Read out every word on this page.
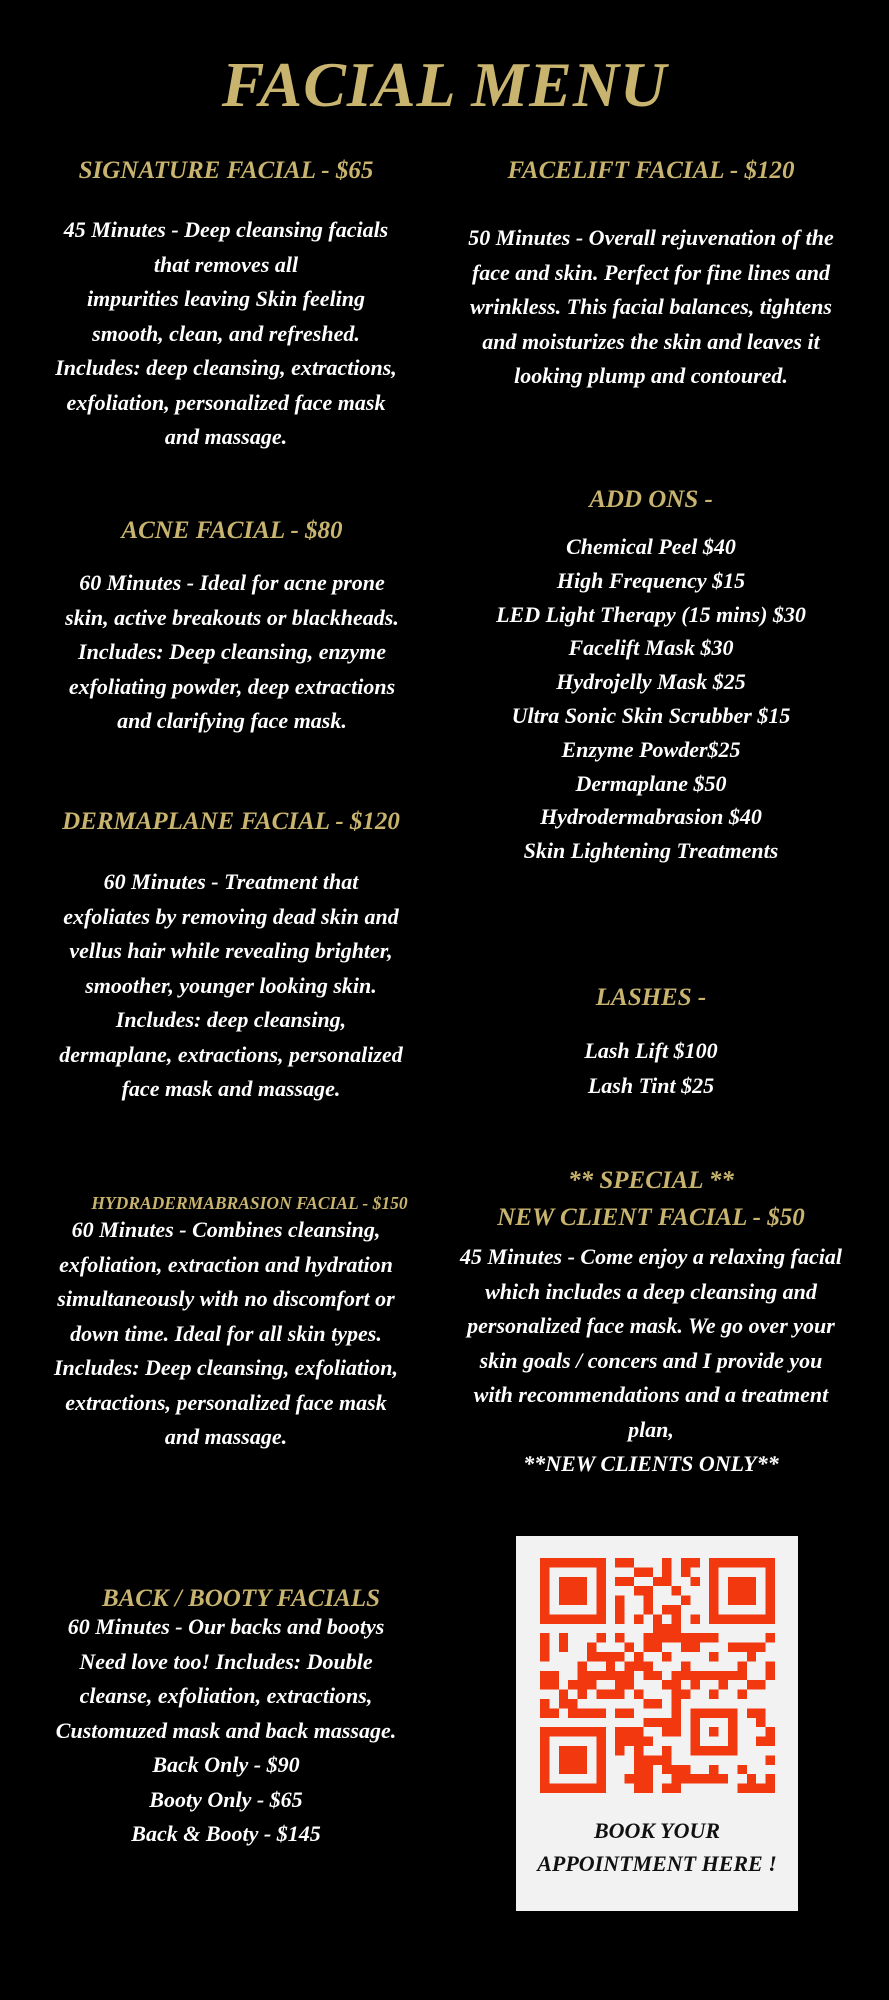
FACIAL MENU
SIGNATURE FACIAL - $65
45 Minutes - Deep cleansing facials
that removes all
impurities leaving Skin feeling
smooth, clean, and refreshed.
Includes: deep cleansing, extractions,
exfoliation, personalized face mask
and massage.
ACNE FACIAL - $80
60 Minutes - Ideal for acne prone
skin, active breakouts or blackheads.
Includes: Deep cleansing, enzyme
exfoliating powder, deep extractions
and clarifying face mask.
DERMAPLANE FACIAL - $120
60 Minutes - Treatment that
exfoliates by removing dead skin and
vellus hair while revealing brighter,
smoother, younger looking skin.
Includes: deep cleansing,
dermaplane, extractions, personalized
face mask and massage.
HYDRADERMABRASION FACIAL - $150
60 Minutes - Combines cleansing,
exfoliation, extraction and hydration
simultaneously with no discomfort or
down time. Ideal for all skin types.
Includes: Deep cleansing, exfoliation,
extractions, personalized face mask
and massage.
BACK / BOOTY FACIALS
60 Minutes - Our backs and bootys
Need love too! Includes: Double
cleanse, exfoliation, extractions,
Customuzed mask and back massage.
Back Only - $90
Booty Only - $65
Back & Booty - $145
FACELIFT FACIAL - $120
50 Minutes - Overall rejuvenation of the
face and skin. Perfect for fine lines and
wrinkless. This facial balances, tightens
and moisturizes the skin and leaves it
looking plump and contoured.
ADD ONS -
Chemical Peel $40
High Frequency $15
LED Light Therapy (15 mins) $30
Facelift Mask $30
Hydrojelly Mask $25
Ultra Sonic Skin Scrubber $15
Enzyme Powder$25
Dermaplane $50
Hydrodermabrasion $40
Skin Lightening Treatments
LASHES -
Lash Lift $100
Lash Tint $25
** SPECIAL **
NEW CLIENT FACIAL - $50
45 Minutes - Come enjoy a relaxing facial
which includes a deep cleansing and
personalized face mask. We go over your
skin goals / concers and I provide you
with recommendations and a treatment
plan,
**NEW CLIENTS ONLY**
BOOK YOUR
APPOINTMENT HERE !
